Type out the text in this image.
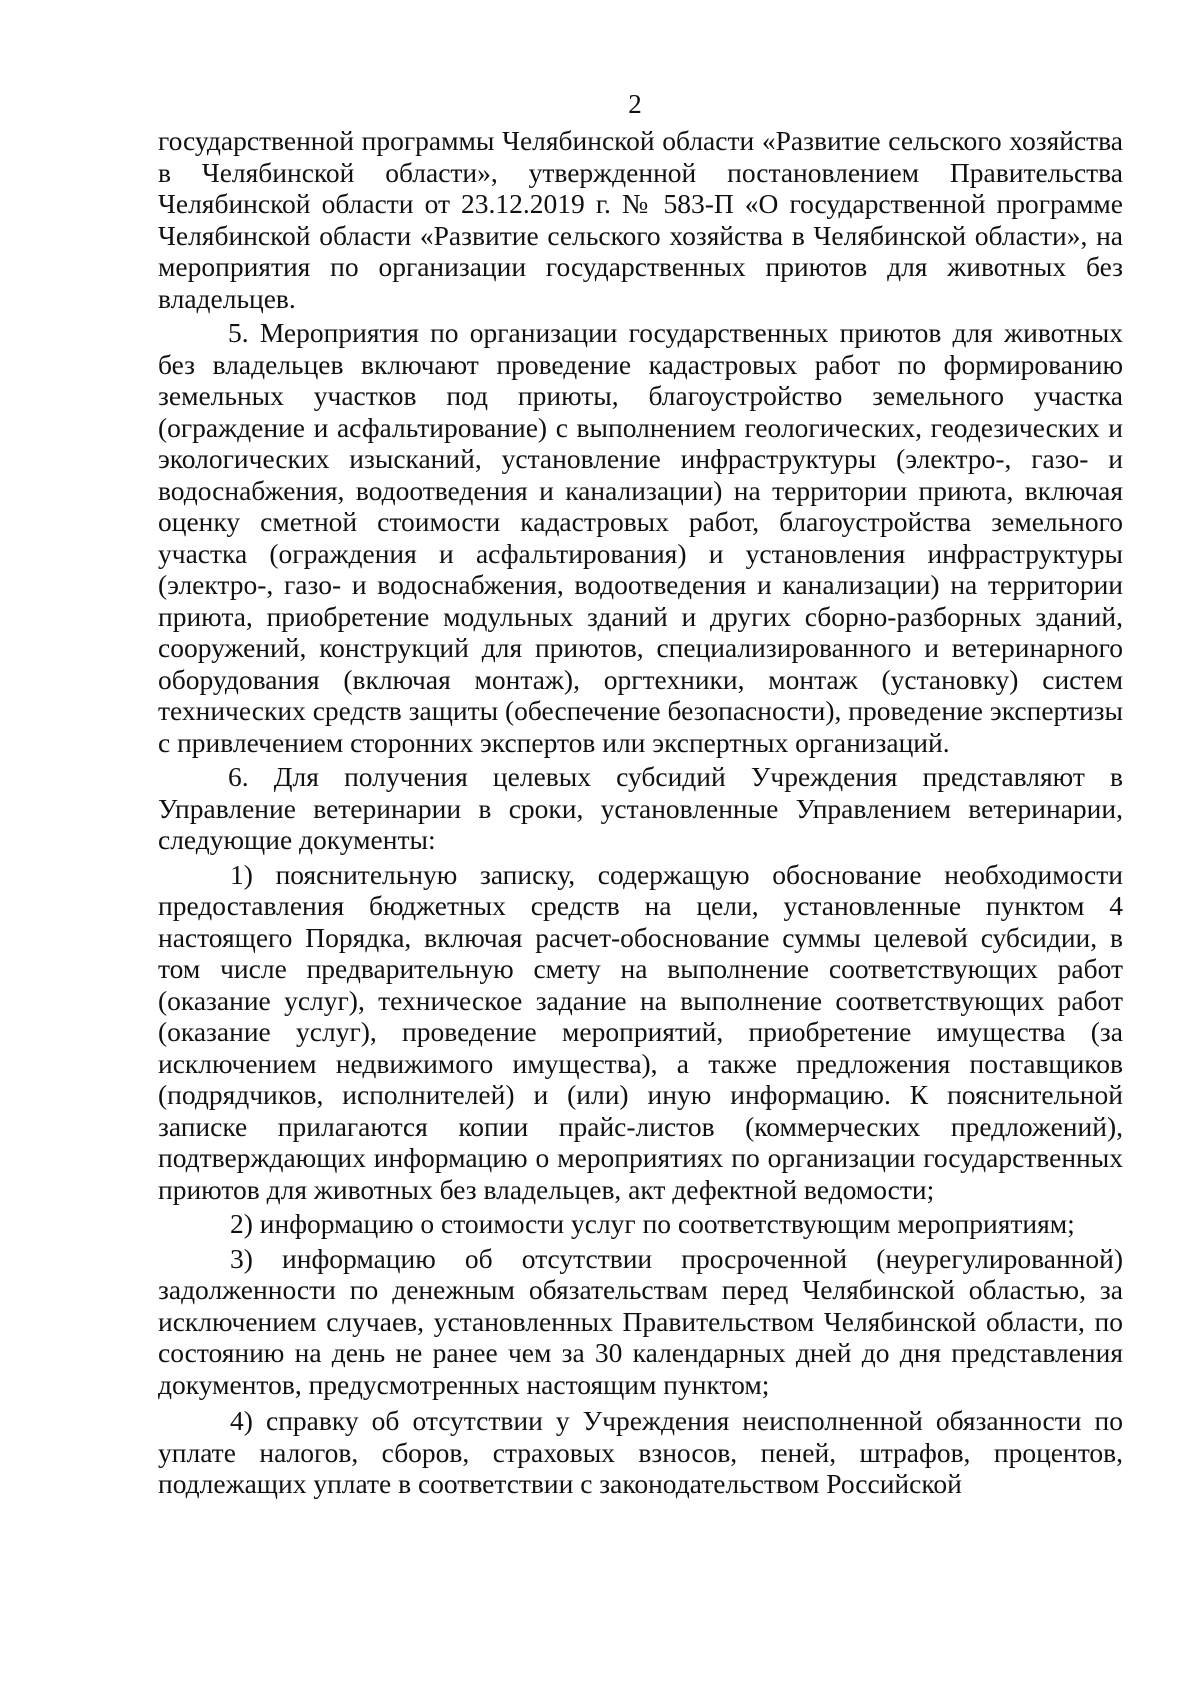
2

государственной программы Челябинской области «Развитие сельского хозяйства в Челябинской области», утвержденной постановлением Правительства Челябинской области от 23.12.2019 г. № 583-П «О государственной программе Челябинской области «Развитие сельского хозяйства в Челябинской области», на мероприятия по организации государственных приютов для животных без владельцев.

5. Мероприятия по организации государственных приютов для животных без владельцев включают проведение кадастровых работ по формированию земельных участков под приюты, благоустройство земельного участка (ограждение и асфальтирование) с выполнением геологических, геодезических и экологических изысканий, установление инфраструктуры (электро-, газо- и водоснабжения, водоотведения и канализации) на территории приюта, включая оценку сметной стоимости кадастровых работ, благоустройства земельного участка (ограждения и асфальтирования) и установления инфраструктуры (электро-, газо- и водоснабжения, водоотведения и канализации) на территории приюта, приобретение модульных зданий и других сборно-разборных зданий, сооружений, конструкций для приютов, специализированного и ветеринарного оборудования (включая монтаж), оргтехники, монтаж (установку) систем технических средств защиты (обеспечение безопасности), проведение экспертизы с привлечением сторонних экспертов или экспертных организаций.

6. Для получения целевых субсидий Учреждения представляют в Управление ветеринарии в сроки, установленные Управлением ветеринарии, следующие документы:

1) пояснительную записку, содержащую обоснование необходимости предоставления бюджетных средств на цели, установленные пунктом 4 настоящего Порядка, включая расчет-обоснование суммы целевой субсидии, в том числе предварительную смету на выполнение соответствующих работ (оказание услуг), техническое задание на выполнение соответствующих работ (оказание услуг), проведение мероприятий, приобретение имущества (за исключением недвижимого имущества), а также предложения поставщиков (подрядчиков, исполнителей) и (или) иную информацию. К пояснительной записке прилагаются копии прайс-листов (коммерческих предложений), подтверждающих информацию о мероприятиях по организации государственных приютов для животных без владельцев, акт дефектной ведомости;

2) информацию о стоимости услуг по соответствующим мероприятиям;

3) информацию об отсутствии просроченной (неурегулированной) задолженности по денежным обязательствам перед Челябинской областью, за исключением случаев, установленных Правительством Челябинской области, по состоянию на день не ранее чем за 30 календарных дней до дня представления документов, предусмотренных настоящим пунктом;

4) справку об отсутствии у Учреждения неисполненной обязанности по уплате налогов, сборов, страховых взносов, пеней, штрафов, процентов, подлежащих уплате в соответствии с законодательством Российской
